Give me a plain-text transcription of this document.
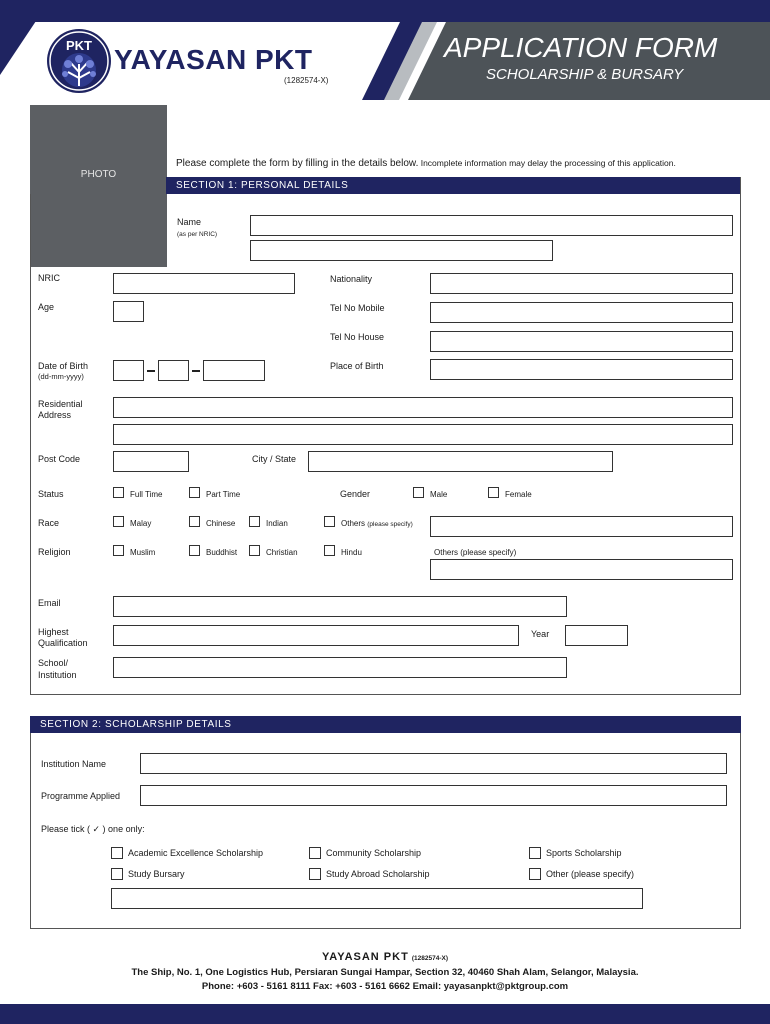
PKT YAYASAN PKT
(1282574-X)
APPLICATION FORM
SCHOLARSHIP & BURSARY
PHOTO
Please complete the form by filling in the details below. Incomplete information may delay the processing of this application.
SECTION 1: PERSONAL DETAILS
Name
(as per NRIC)
NRIC	Nationality
Age	Tel No Mobile
Tel No House
Date of Birth
(dd-mm-yyyy)
Place of Birth
Residential
Address
Post Code	City / State
Status	Full Time	Part Time	Gender	Male	Female
Race	Malay	Chinese	Indian	Others (please specify)
Religion	Muslim	Buddhist	Christian	Hindu	Others (please specify)
Email
Highest
Qualification
Year
School/
Institution
SECTION 2: SCHOLARSHIP DETAILS
Institution Name
Programme Applied
Please tick ( ✓ ) one only:
Academic Excellence Scholarship	Community Scholarship	Sports Scholarship
Study Bursary	Study Abroad Scholarship	Other (please specify)
YAYASAN PKT (1282574-X)
The Ship, No. 1, One Logistics Hub, Persiaran Sungai Hampar, Section 32, 40460 Shah Alam, Selangor, Malaysia.
Phone: +603 - 5161 8111 Fax: +603 - 5161 6662 Email: yayasanpkt@pktgroup.com
